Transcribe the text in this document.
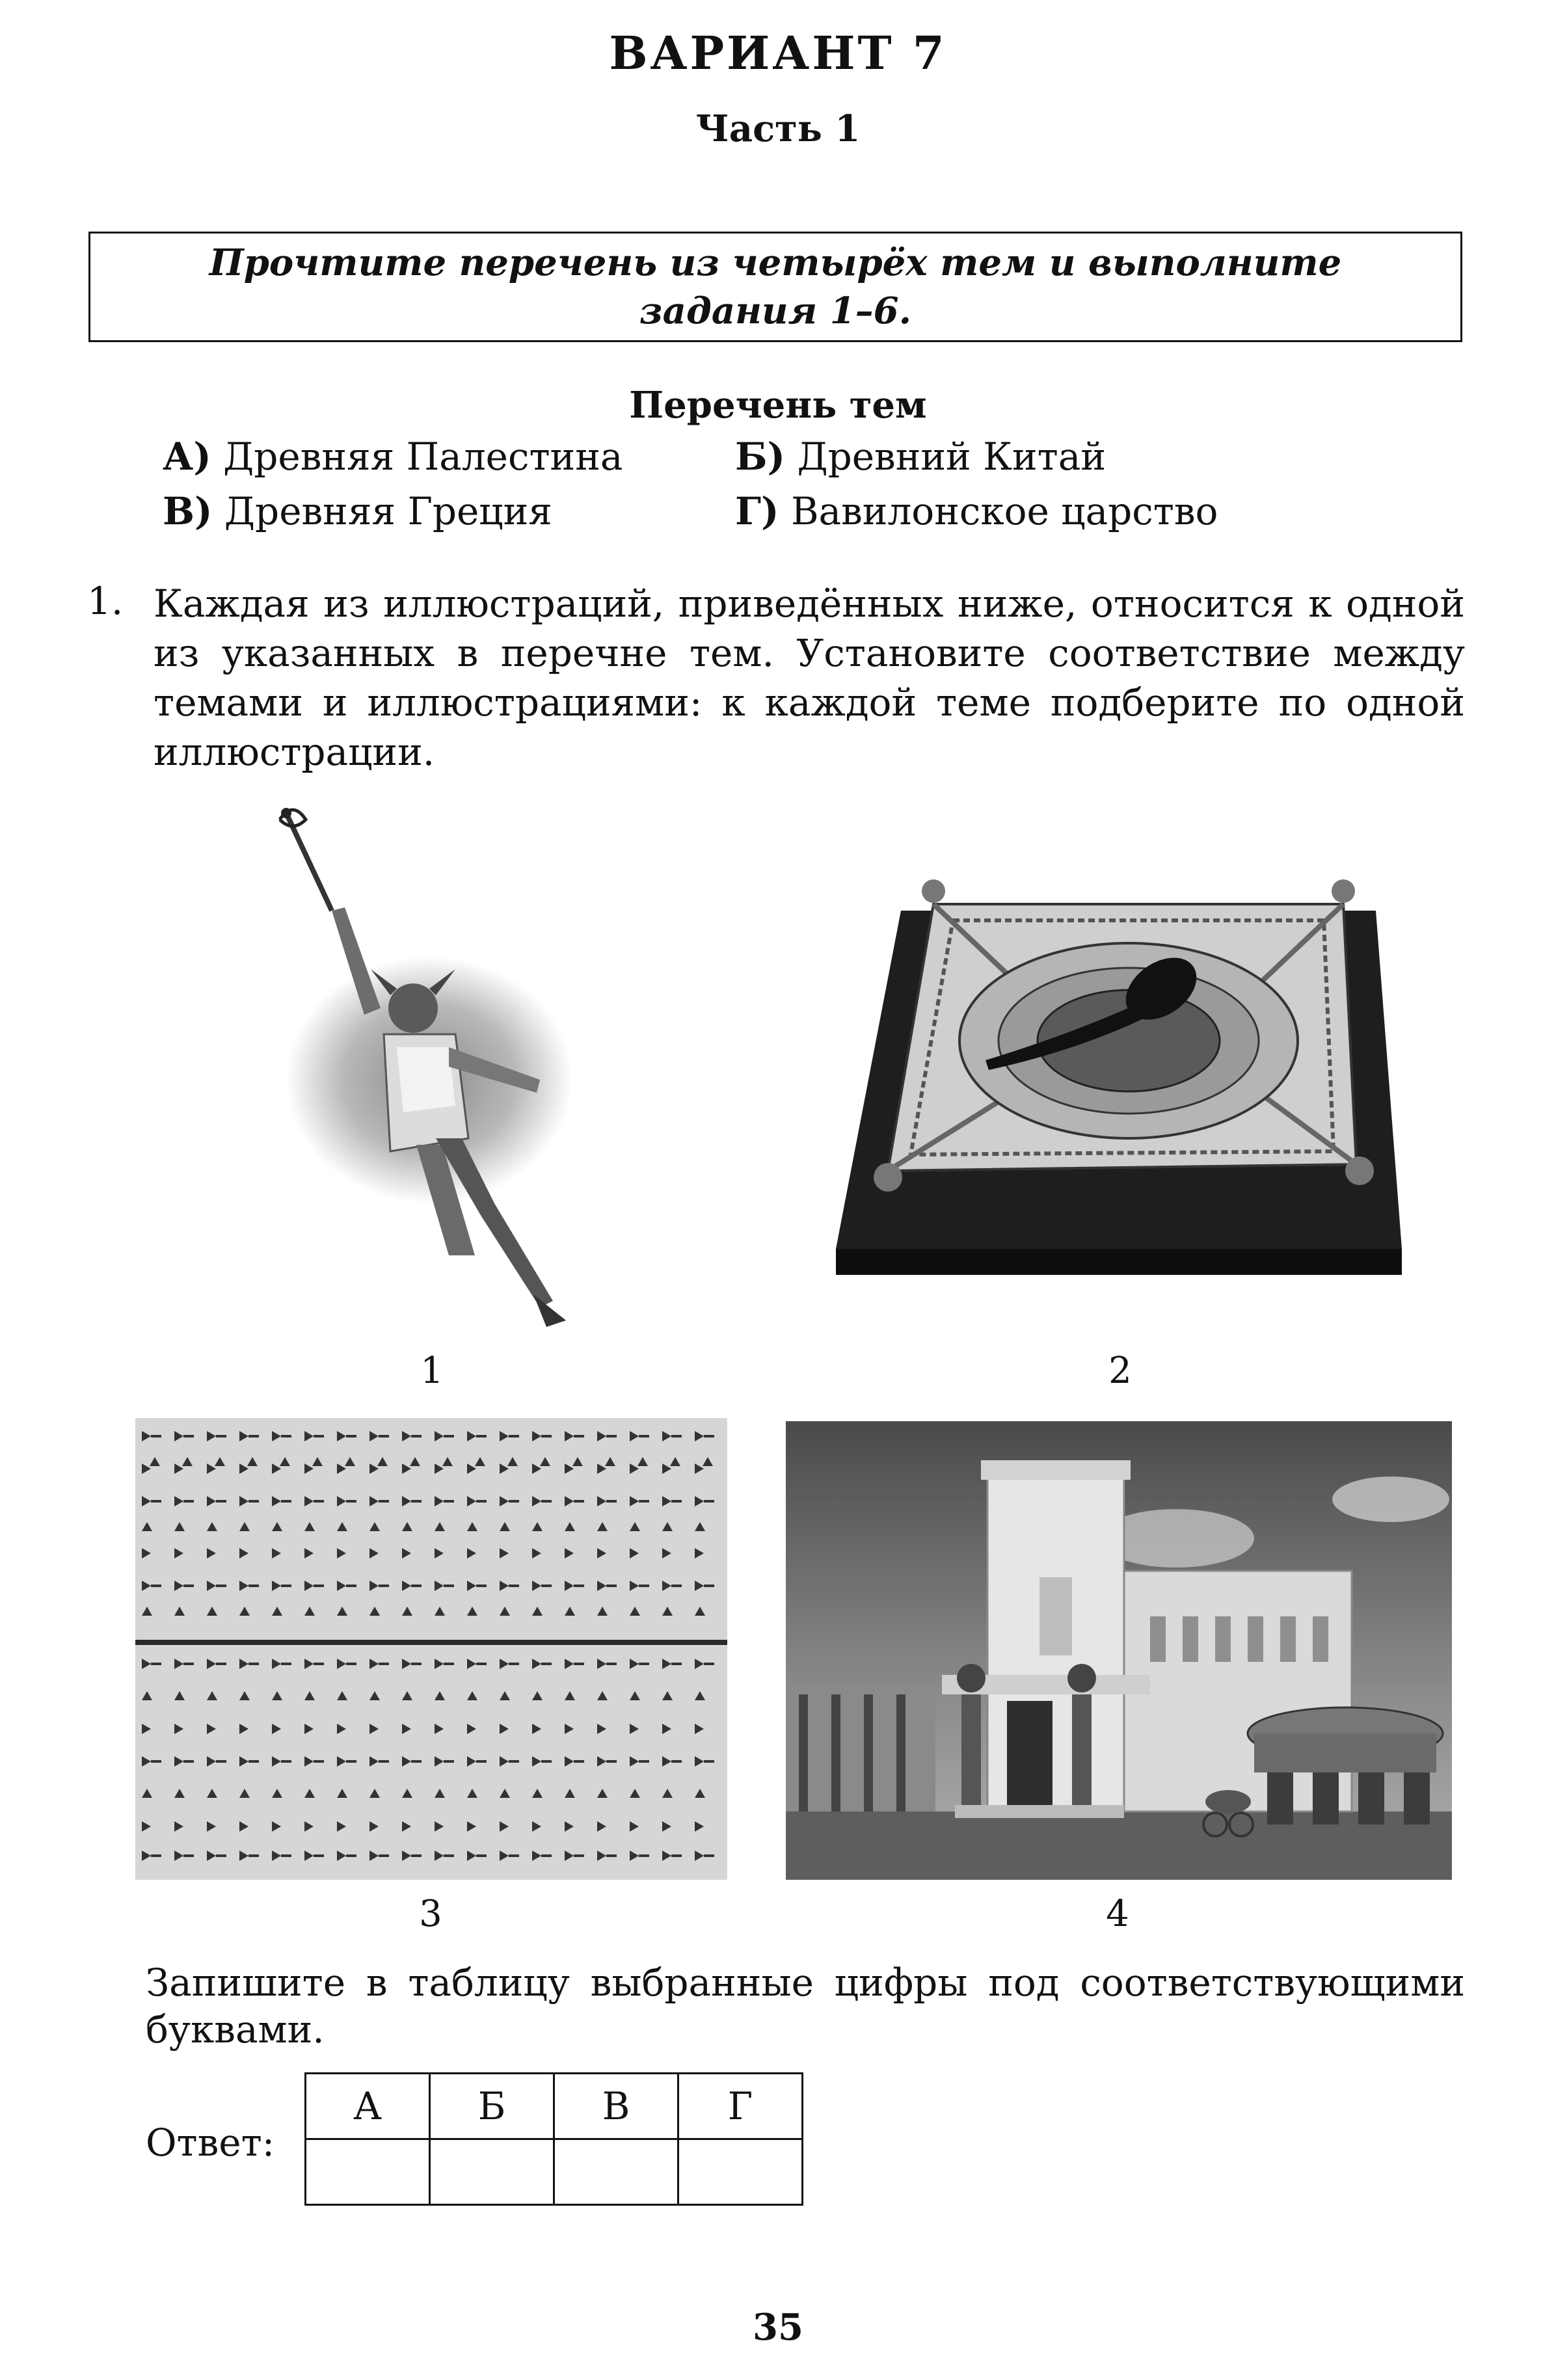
ВАРИАНТ 7
Часть 1
Прочтите перечень из четырёх тем и выполните задания 1–6.
Перечень тем
А) Древняя Палестина	Б) Древний Китай
В) Древняя Греция	Г) Вавилонское царство
1. Каждая из иллюстраций, приведённых ниже, относится к одной из указанных в перечне тем. Установите соответствие между темами и иллюстрациями: к каждой теме подберите по одной иллюстрации.
1	2
3	4
Запишите в таблицу выбранные цифры под соответствующими буквами.
Ответ:
А	Б	В	Г

35
